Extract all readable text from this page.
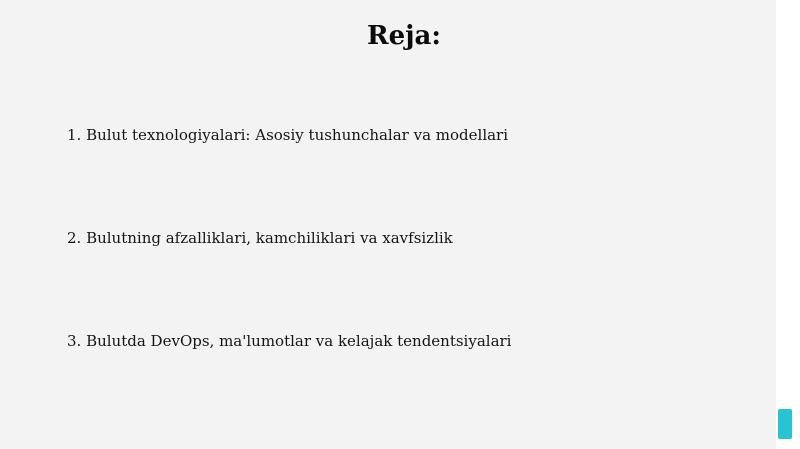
Reja:
1. Bulut texnologiyalari: Asosiy tushunchalar va modellari
2. Bulutning afzalliklari, kamchiliklari va xavfsizlik
3. Bulutda DevOps, ma'lumotlar va kelajak tendentsiyalari
